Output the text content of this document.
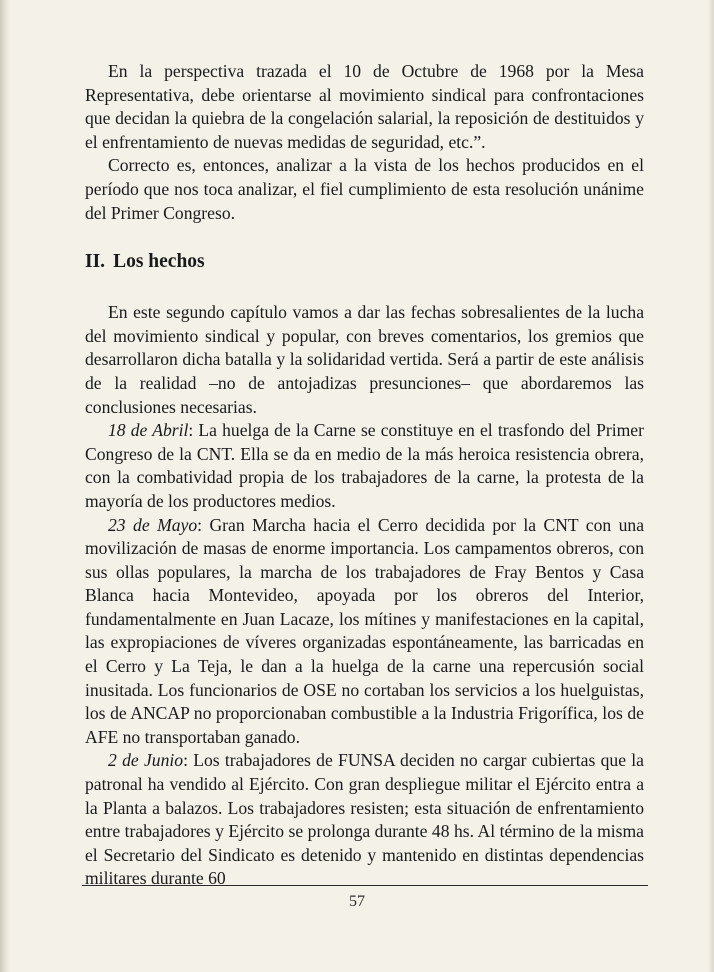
En la perspectiva trazada el 10 de Octubre de 1968 por la Mesa Representativa, debe orientarse al movimiento sindical para confrontaciones que decidan la quiebra de la congelación salarial, la reposición de destituidos y el enfrentamiento de nuevas medidas de seguridad, etc.”.

Correcto es, entonces, analizar a la vista de los hechos producidos en el período que nos toca analizar, el fiel cumplimiento de esta resolución unánime del Primer Congreso.

II. Los hechos

En este segundo capítulo vamos a dar las fechas sobresalientes de la lucha del movimiento sindical y popular, con breves comentarios, los gremios que desarrollaron dicha batalla y la solidaridad vertida. Será a partir de este análisis de la realidad –no de antojadizas presunciones– que abordaremos las conclusiones necesarias.

18 de Abril: La huelga de la Carne se constituye en el trasfondo del Primer Congreso de la CNT. Ella se da en medio de la más heroica resistencia obrera, con la combatividad propia de los trabajadores de la carne, la protesta de la mayoría de los productores medios.

23 de Mayo: Gran Marcha hacia el Cerro decidida por la CNT con una movilización de masas de enorme importancia. Los campamentos obreros, con sus ollas populares, la marcha de los trabajadores de Fray Bentos y Casa Blanca hacia Montevideo, apoyada por los obreros del Interior, fundamentalmente en Juan Lacaze, los mítines y manifestaciones en la capital, las expropiaciones de víveres organizadas espontáneamente, las barricadas en el Cerro y La Teja, le dan a la huelga de la carne una repercusión social inusitada. Los funcionarios de OSE no cortaban los servicios a los huelguistas, los de ANCAP no proporcionaban combustible a la Industria Frigorífica, los de AFE no transportaban ganado.

2 de Junio: Los trabajadores de FUNSA deciden no cargar cubiertas que la patronal ha vendido al Ejército. Con gran despliegue militar el Ejército entra a la Planta a balazos. Los trabajadores resisten; esta situación de enfrentamiento entre trabajadores y Ejército se prolonga durante 48 hs. Al término de la misma el Secretario del Sindicato es detenido y mantenido en distintas dependencias militares durante 60

57
